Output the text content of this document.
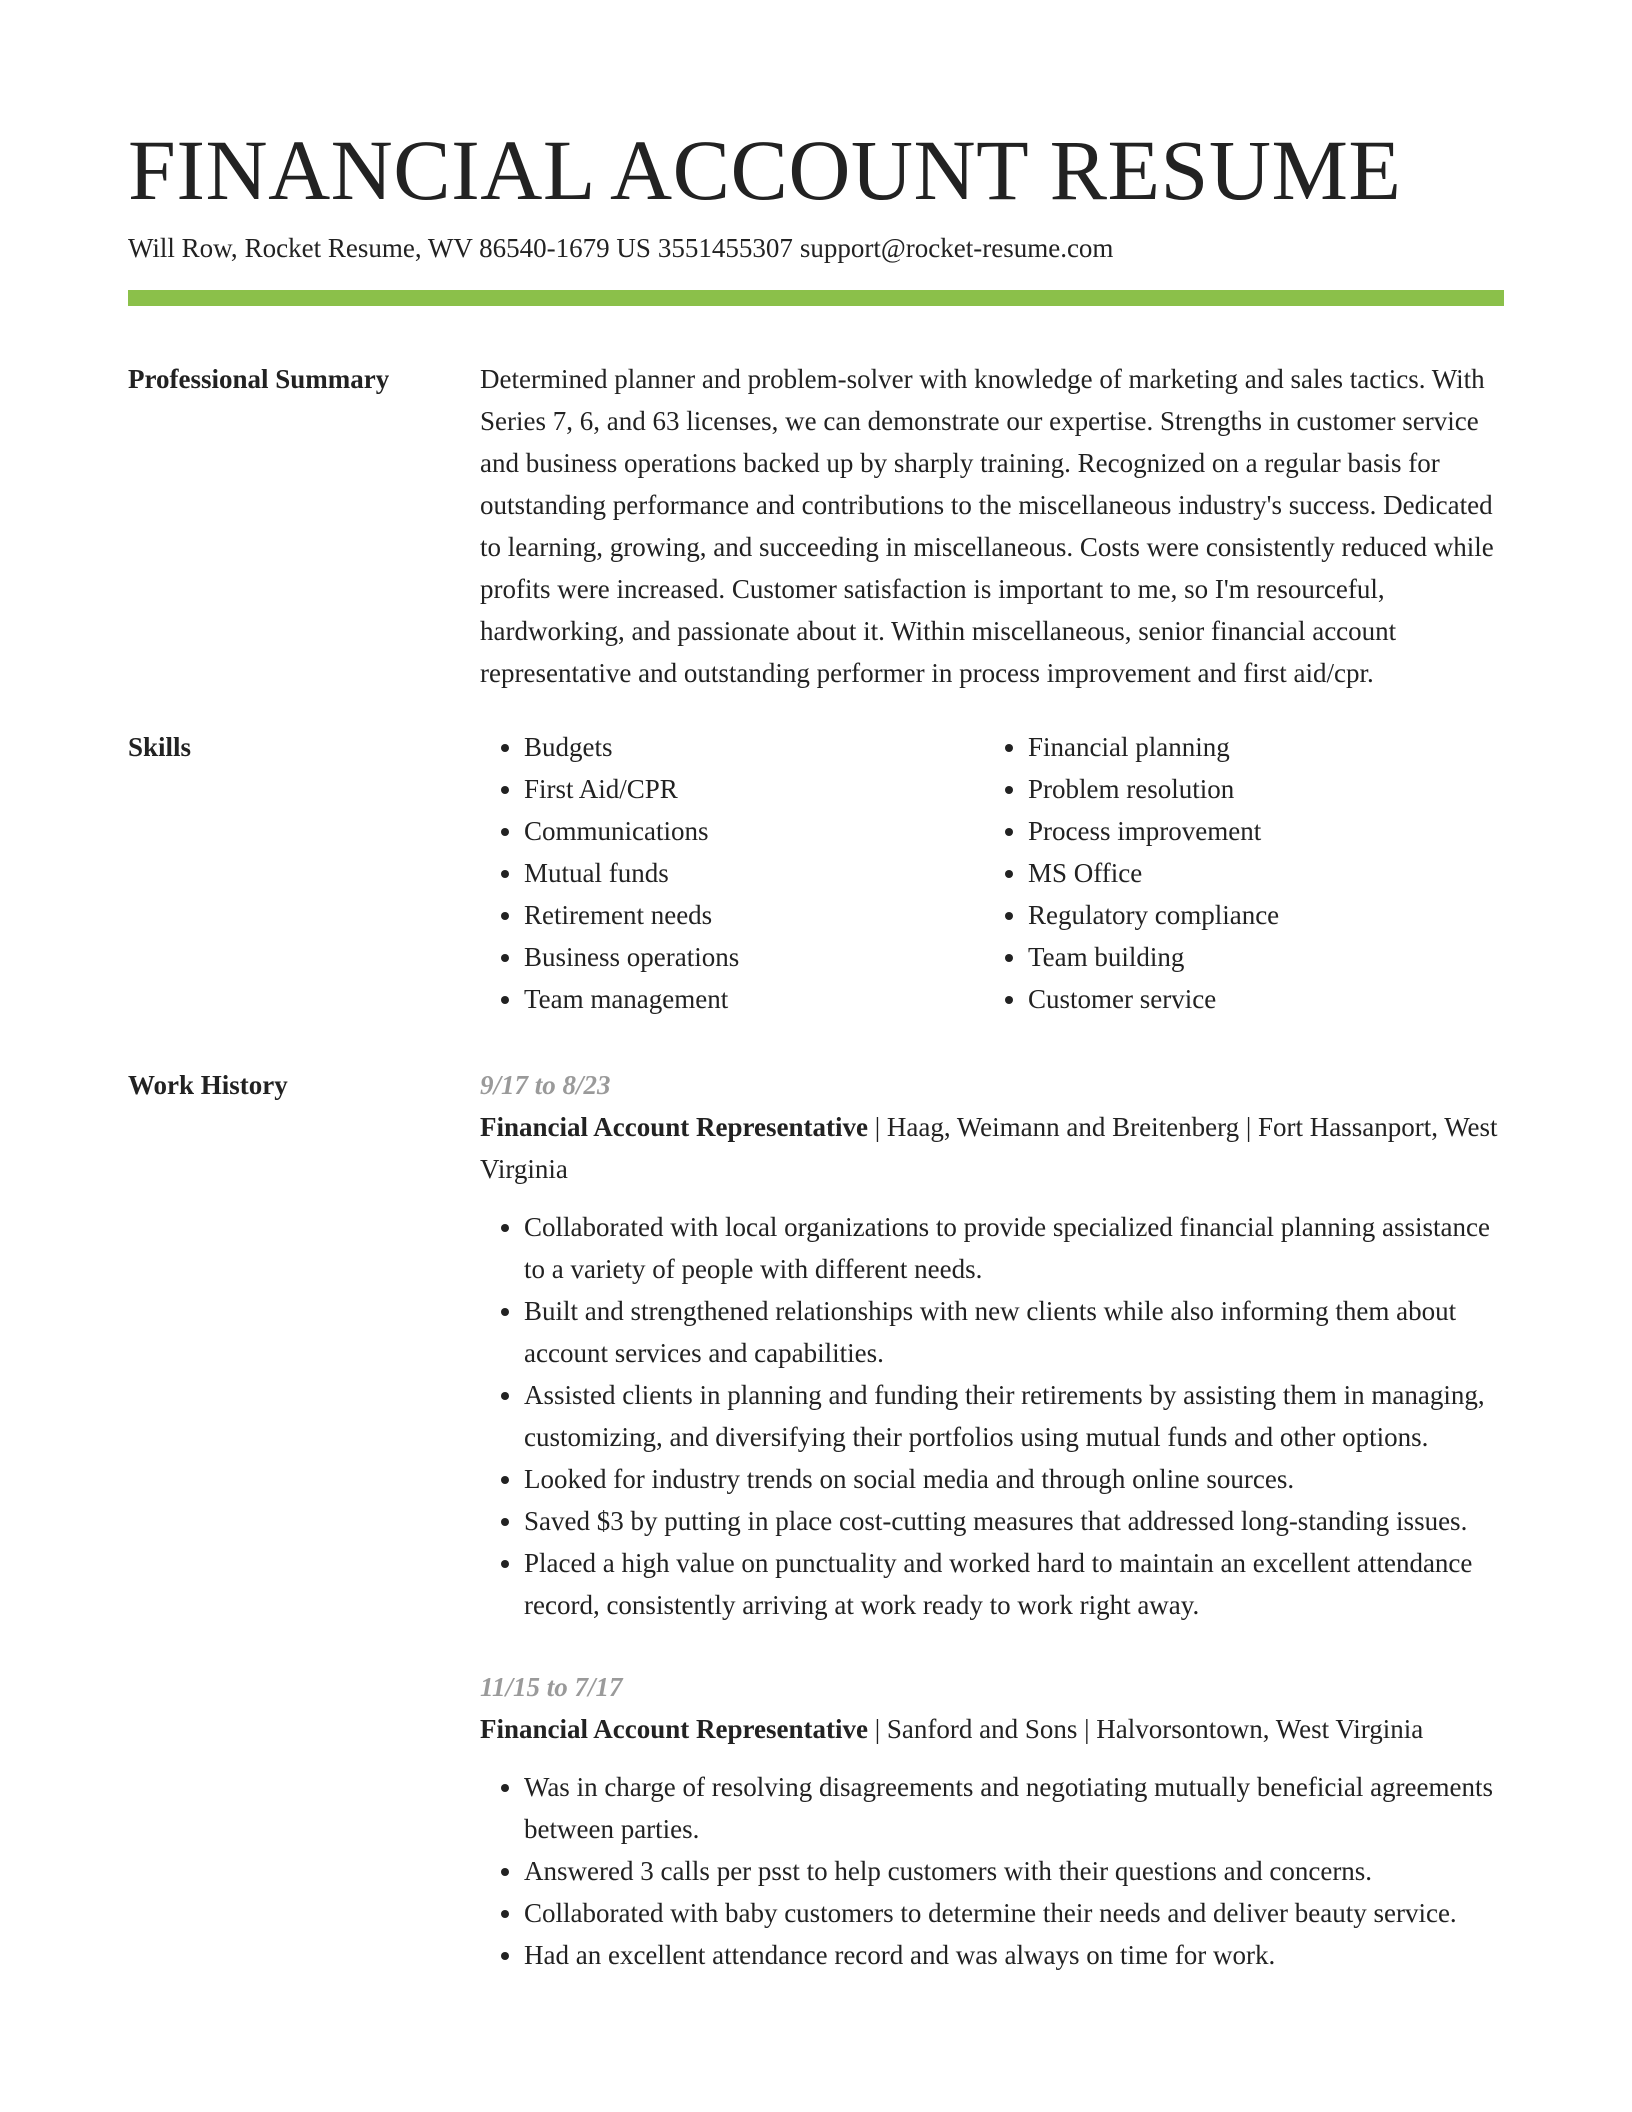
FINANCIAL ACCOUNT RESUME
Will Row, Rocket Resume, WV 86540-1679 US 3551455307 support@rocket-resume.com
Professional Summary	Determined planner and problem-solver with knowledge of marketing and sales tactics. With Series 7, 6, and 63 licenses, we can demonstrate our expertise. Strengths in customer service and business operations backed up by sharply training. Recognized on a regular basis for outstanding performance and contributions to the miscellaneous industry's success. Dedicated to learning, growing, and succeeding in miscellaneous. Costs were consistently reduced while profits were increased. Customer satisfaction is important to me, so I'm resourceful, hardworking, and passionate about it. Within miscellaneous, senior financial account representative and outstanding performer in process improvement and first aid/cpr.

Skills
•	Budgets
• First Aid/CPR
• Communications
• Mutual funds
• Retirement needs
• Business operations
• Team management
• Financial planning
• Problem resolution
• Process improvement
• MS Office
• Regulatory compliance
• Team building
• Customer service
Work History	9/17 to 8/23
Financial Account Representative | Haag, Weimann and Breitenberg | Fort Hassanport, West Virginia
• Collaborated with local organizations to provide specialized financial planning assistance to a variety of people with different needs.
• Built and strengthened relationships with new clients while also informing them about account services and capabilities.
• Assisted clients in planning and funding their retirements by assisting them in managing, customizing, and diversifying their portfolios using mutual funds and other options.
• Looked for industry trends on social media and through online sources.
• Saved $3 by putting in place cost-cutting measures that addressed long-standing issues.
• Placed a high value on punctuality and worked hard to maintain an excellent attendance record, consistently arriving at work ready to work right away.
11/15 to 7/17
Financial Account Representative | Sanford and Sons | Halvorsontown, West Virginia
• Was in charge of resolving disagreements and negotiating mutually beneficial agreements between parties.
• Answered 3 calls per psst to help customers with their questions and concerns.
• Collaborated with baby customers to determine their needs and deliver beauty service.
• Had an excellent attendance record and was always on time for work.
